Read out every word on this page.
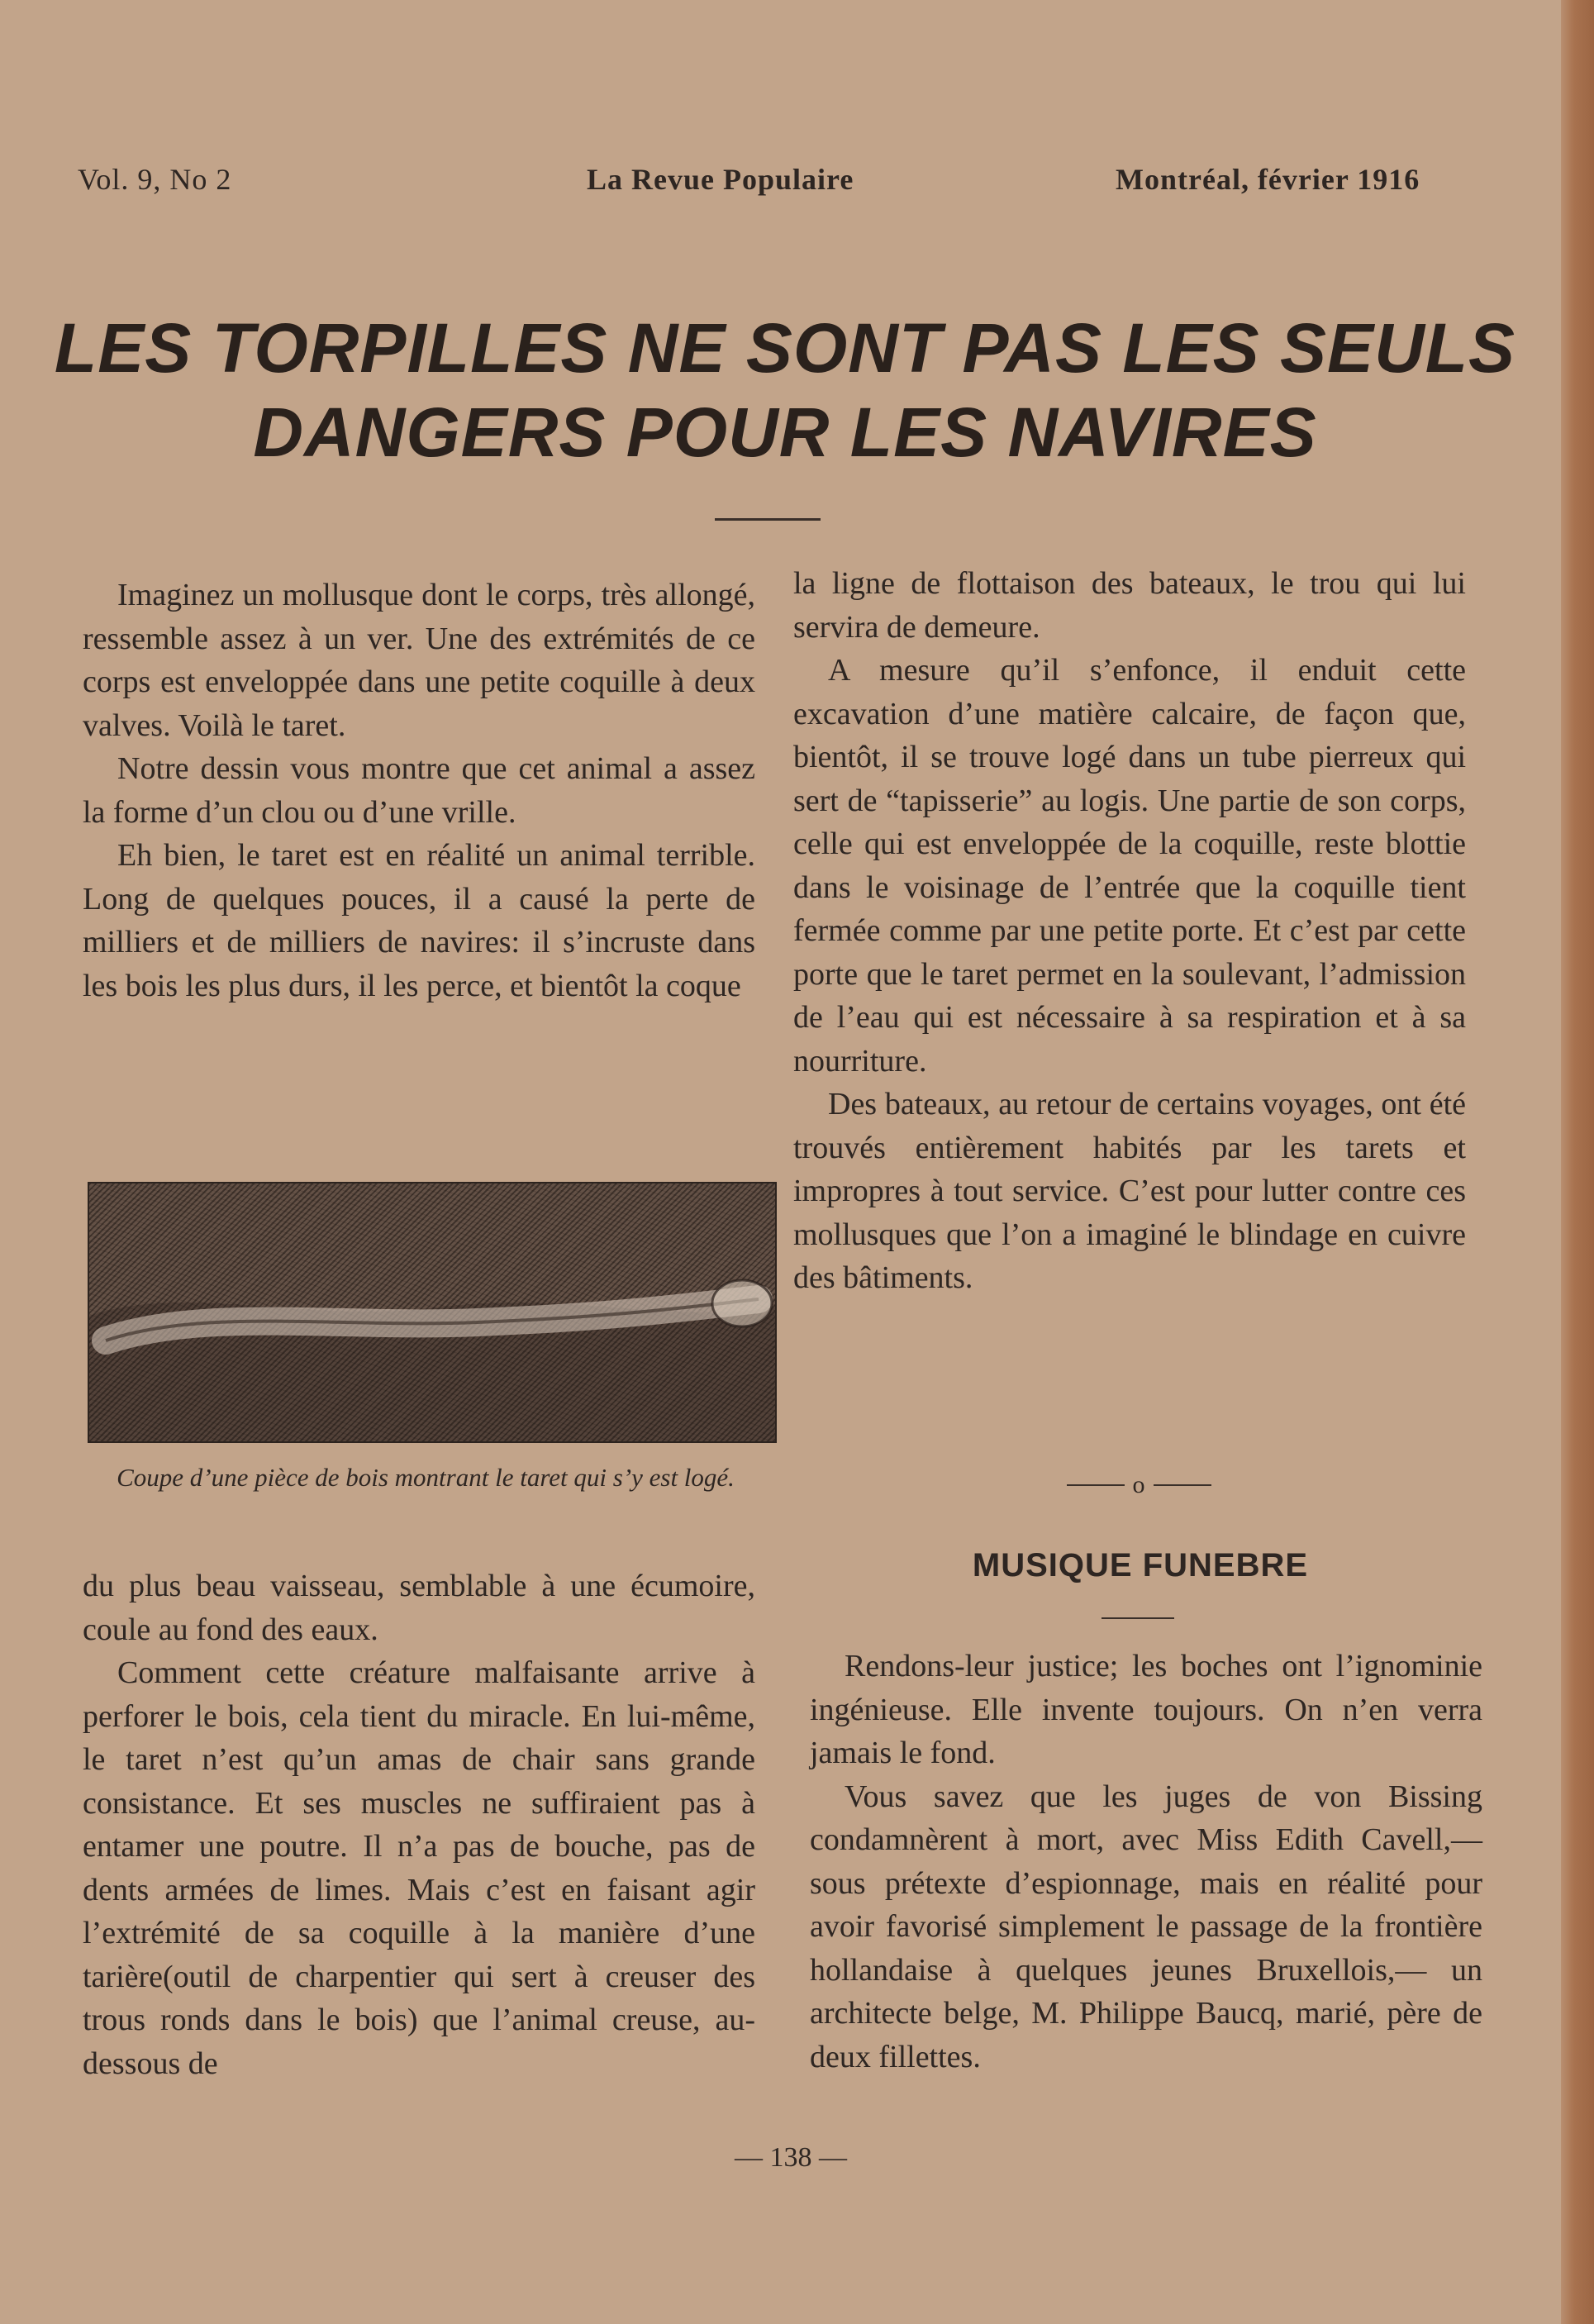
Vol. 9, No 2	La Revue Populaire	Montréal, février 1916
LES TORPILLES NE SONT PAS LES SEULS
DANGERS POUR LES NAVIRES

Imaginez un mollusque dont le corps, très allongé, ressemble assez à un ver. Une des extrémités de ce corps est enveloppée dans une petite coquille à deux valves. Voilà le taret.

Notre dessin vous montre que cet animal a assez la forme d’un clou ou d’une vrille.

Eh bien, le taret est en réalité un animal terrible. Long de quelques pouces, il a causé la perte de milliers et de milliers de navires: il s’incruste dans les bois les plus durs, il les perce, et bientôt la coque

Coupe d’une pièce de bois montrant le taret qui s’y est logé.

du plus beau vaisseau, semblable à une écumoire, coule au fond des eaux.

Comment cette créature malfaisante arrive à perforer le bois, cela tient du miracle. En lui-même, le taret n’est qu’un amas de chair sans grande consistance. Et ses muscles ne suffiraient pas à entamer une poutre. Il n’a pas de bouche, pas de dents armées de limes. Mais c’est en faisant agir l’extrémité de sa coquille à la manière d’une tarière(outil de charpentier qui sert à creuser des trous ronds dans le bois) que l’animal creuse, au-dessous de

la ligne de flottaison des bateaux, le trou qui lui servira de demeure.

A mesure qu’il s’enfonce, il enduit cette excavation d’une matière calcaire, de façon que, bientôt, il se trouve logé dans un tube pierreux qui sert de “tapisserie” au logis. Une partie de son corps, celle qui est enveloppée de la coquille, reste blottie dans le voisinage de l’entrée que la coquille tient fermée comme par une petite porte. Et c’est par cette porte que le taret permet en la soulevant, l’admission de l’eau qui est nécessaire à sa respiration et à sa nourriture.

Des bateaux, au retour de certains voyages, ont été trouvés entièrement habités par les tarets et impropres à tout service. C’est pour lutter contre ces mollusques que l’on a imaginé le blindage en cuivre des bâtiments.

o
MUSIQUE FUNEBRE

Rendons-leur justice; les boches ont l’ignominie ingénieuse. Elle invente toujours. On n’en verra jamais le fond.

Vous savez que les juges de von Bissing condamnèrent à mort, avec Miss Edith Cavell,— sous prétexte d’espionnage, mais en réalité pour avoir favorisé simplement le passage de la frontière hollandaise à quelques jeunes Bruxellois,— un architecte belge, M. Philippe Baucq, marié, père de deux fillettes.

— 138 —
